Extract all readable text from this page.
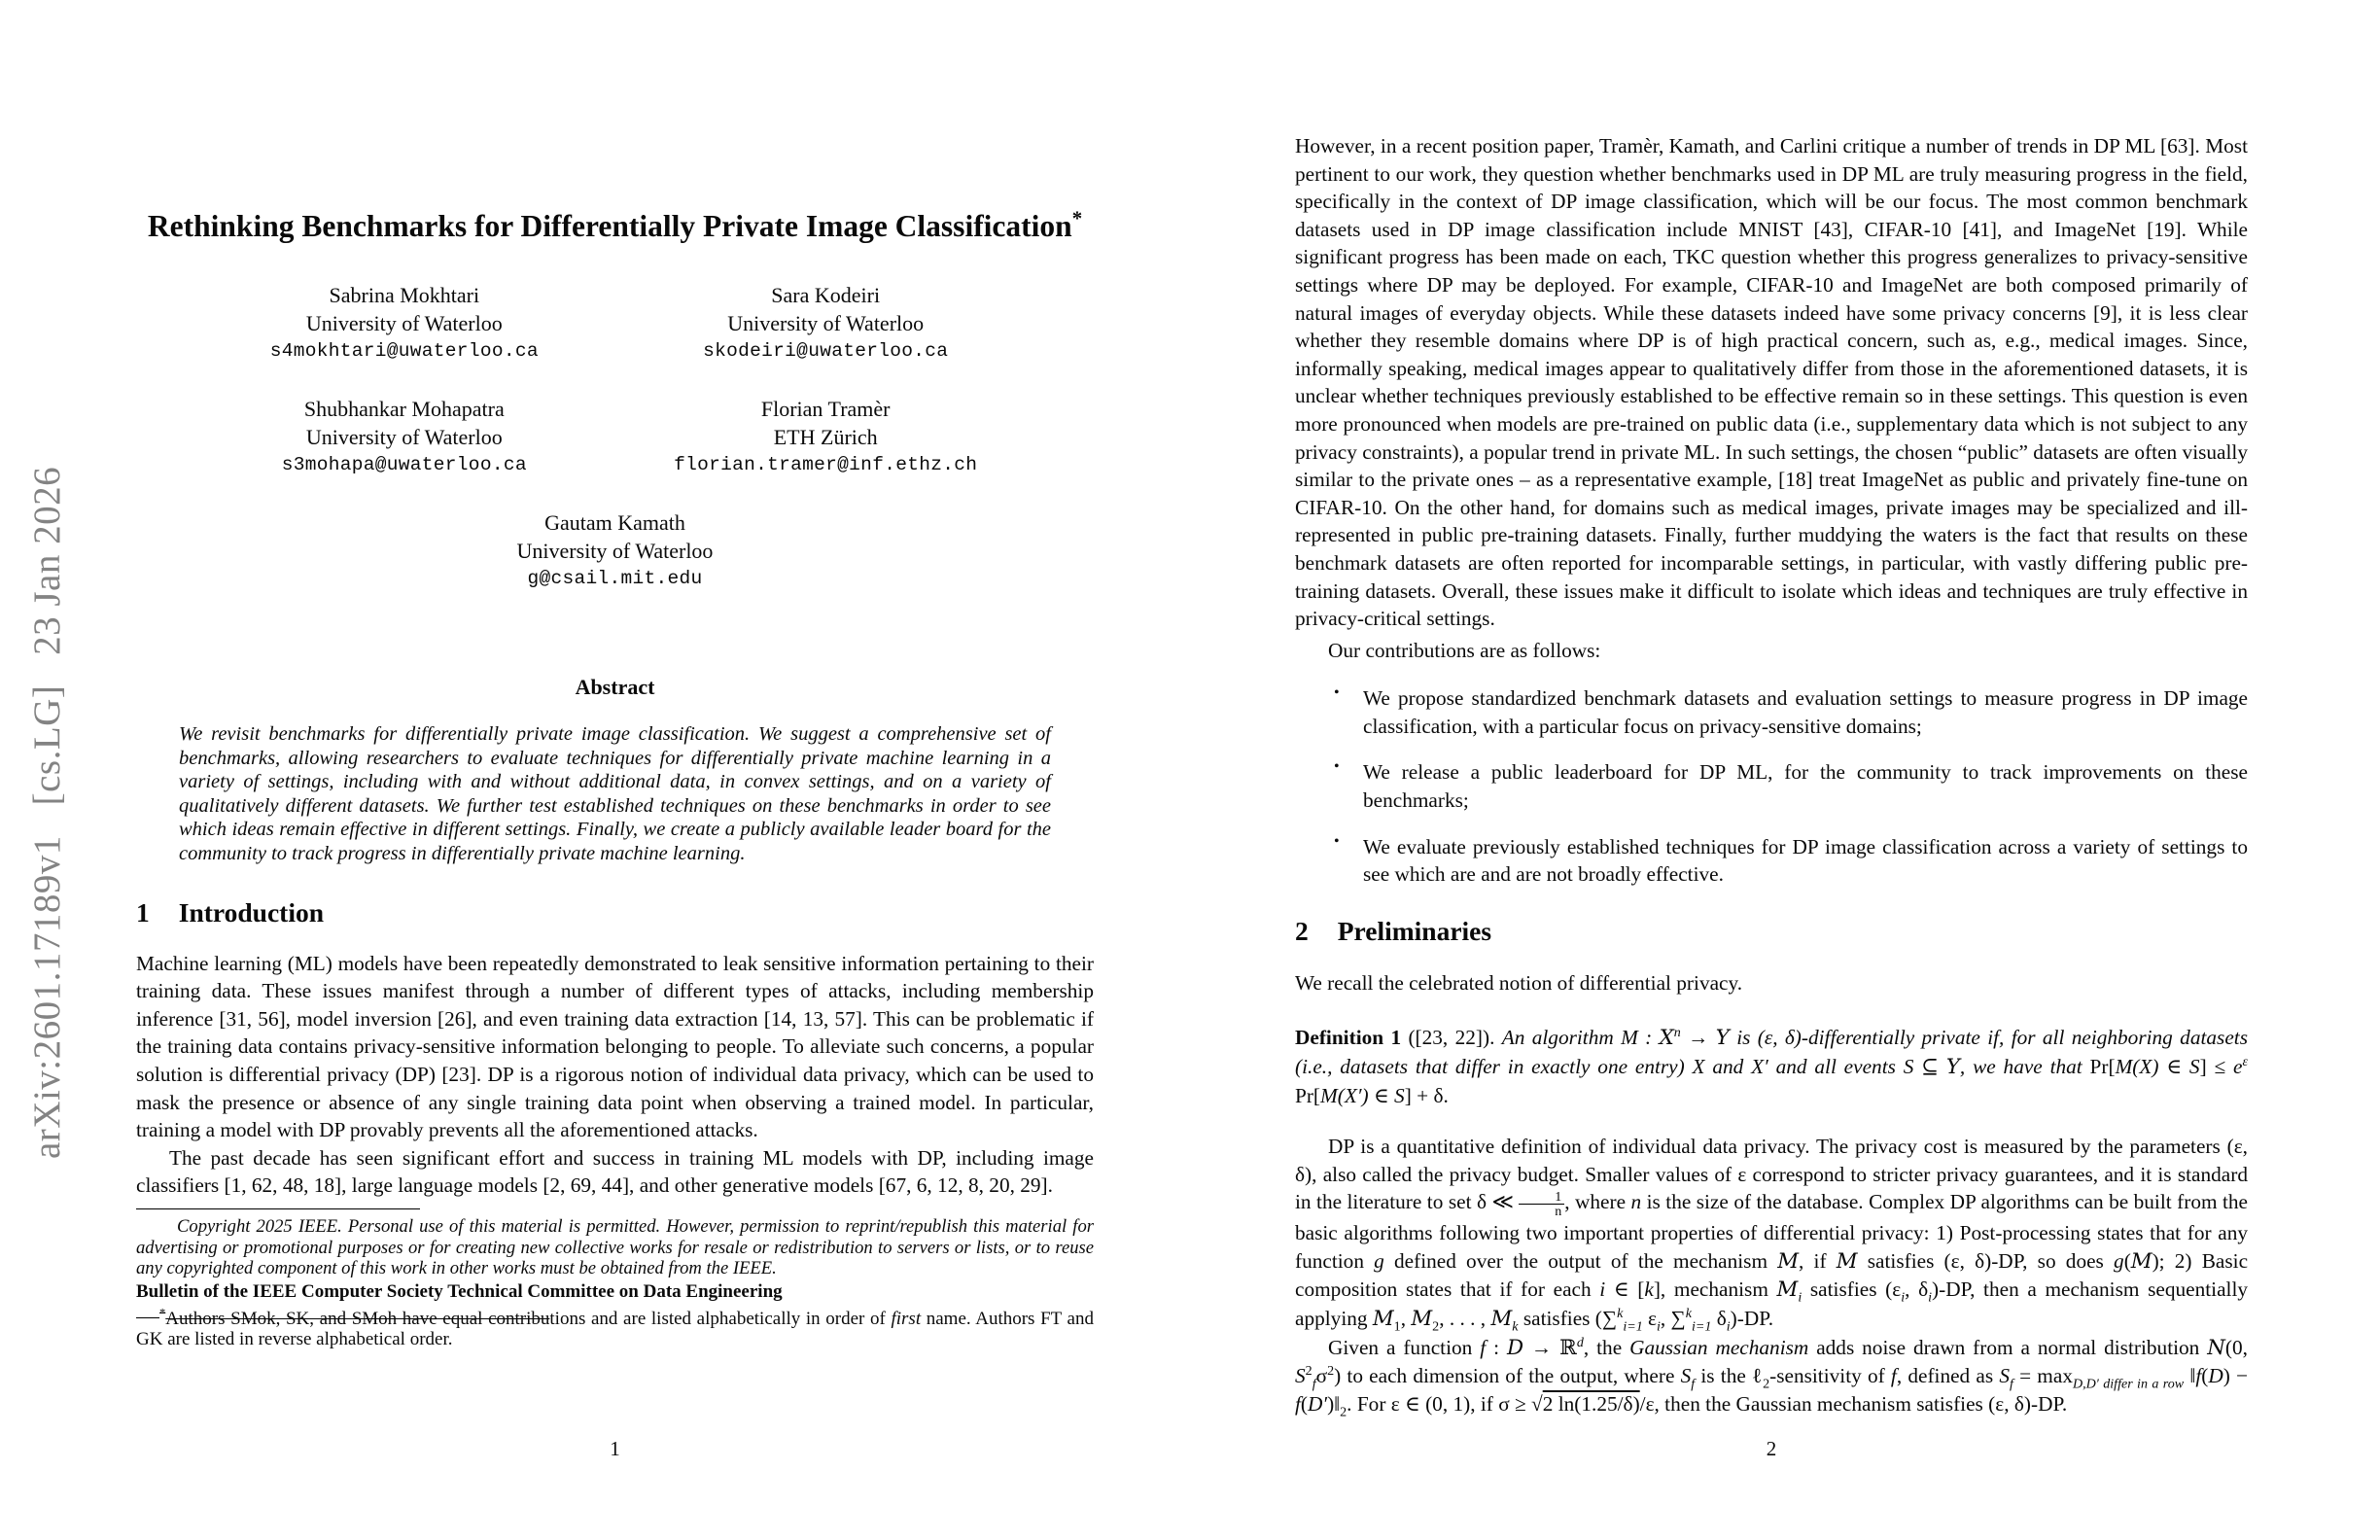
arXiv:2601.17189v1   [cs.LG]   23 Jan 2026
Rethinking Benchmarks for Differentially Private Image Classification*
Sabrina Mokhtari
University of Waterloo
s4mokhtari@uwaterloo.ca
Sara Kodeiri
University of Waterloo
skodeiri@uwaterloo.ca
Shubhankar Mohapatra
University of Waterloo
s3mohapa@uwaterloo.ca
Florian Tramèr
ETH Zürich
florian.tramer@inf.ethz.ch
Gautam Kamath
University of Waterloo
g@csail.mit.edu
Abstract
We revisit benchmarks for differentially private image classification. We suggest a comprehensive set of benchmarks, allowing researchers to evaluate techniques for differentially private machine learning in a variety of settings, including with and without additional data, in convex settings, and on a variety of qualitatively different datasets. We further test established techniques on these benchmarks in order to see which ideas remain effective in different settings. Finally, we create a publicly available leader board for the community to track progress in differentially private machine learning.
1 Introduction

Machine learning (ML) models have been repeatedly demonstrated to leak sensitive information pertaining to their training data. These issues manifest through a number of different types of attacks, including membership inference [31, 56], model inversion [26], and even training data extraction [14, 13, 57]. This can be problematic if the training data contains privacy-sensitive information belonging to people. To alleviate such concerns, a popular solution is differential privacy (DP) [23]. DP is a rigorous notion of individual data privacy, which can be used to mask the presence or absence of any single training data point when observing a trained model. In particular, training a model with DP provably prevents all the aforementioned attacks.

The past decade has seen significant effort and success in training ML models with DP, including image classifiers [1, 62, 48, 18], large language models [2, 69, 44], and other generative models [67, 6, 12, 8, 20, 29].

Copyright 2025 IEEE. Personal use of this material is permitted. However, permission to reprint/republish this material for advertising or promotional purposes or for creating new collective works for resale or redistribution to servers or lists, or to reuse any copyrighted component of this work in other works must be obtained from the IEEE.
Bulletin of the IEEE Computer Society Technical Committee on Data Engineering
*Authors SMok, SK, and SMoh have equal contributions and are listed alphabetically in order of first name. Authors FT and GK are listed in reverse alphabetical order.
1

However, in a recent position paper, Tramèr, Kamath, and Carlini critique a number of trends in DP ML [63]. Most pertinent to our work, they question whether benchmarks used in DP ML are truly measuring progress in the field, specifically in the context of DP image classification, which will be our focus. The most common benchmark datasets used in DP image classification include MNIST [43], CIFAR-10 [41], and ImageNet [19]. While significant progress has been made on each, TKC question whether this progress generalizes to privacy-sensitive settings where DP may be deployed. For example, CIFAR-10 and ImageNet are both composed primarily of natural images of everyday objects. While these datasets indeed have some privacy concerns [9], it is less clear whether they resemble domains where DP is of high practical concern, such as, e.g., medical images. Since, informally speaking, medical images appear to qualitatively differ from those in the aforementioned datasets, it is unclear whether techniques previously established to be effective remain so in these settings. This question is even more pronounced when models are pre-trained on public data (i.e., supplementary data which is not subject to any privacy constraints), a popular trend in private ML. In such settings, the chosen “public” datasets are often visually similar to the private ones – as a representative example, [18] treat ImageNet as public and privately fine-tune on CIFAR-10. On the other hand, for domains such as medical images, private images may be specialized and ill-represented in public pre-training datasets. Finally, further muddying the waters is the fact that results on these benchmark datasets are often reported for incomparable settings, in particular, with vastly differing public pre-training datasets. Overall, these issues make it difficult to isolate which ideas and techniques are truly effective in privacy-critical settings.

Our contributions are as follows:

• We propose standardized benchmark datasets and evaluation settings to measure progress in DP image classification, with a particular focus on privacy-sensitive domains;
• We release a public leaderboard for DP ML, for the community to track improvements on these benchmarks;
• We evaluate previously established techniques for DP image classification across a variety of settings to see which are and are not broadly effective.
2 Preliminaries

We recall the celebrated notion of differential privacy.

Definition 1 ([23, 22]). An algorithm M : $X^n \to Y$ is (ε, δ)-differentially private if, for all neighboring datasets (i.e., datasets that differ in exactly one entry) X and X′ and all events S ⊆ Y, we have that Pr[M(X) ∈ $S] \le e^\varepsilon$ Pr[M(X′) ∈ S] + δ.

DP is a quantitative definition of individual data privacy. The privacy cost is measured by the parameters (ε, δ), also called the privacy budget. Smaller values of ε correspond to stricter privacy guarantees, and it is standard in the literature to set δ ≪ $\frac{1}{n}$ , where n is the size of the database. Complex DP algorithms can be built from the basic algorithms following two important properties of differential privacy: 1) Post-processing states that for any function g defined over the output of the mechanism M, if M satisfies (ε, δ)-DP, so does g(M); 2) Basic composition states that if for each i ∈ [k], mechanism $M_i$ satisfies ($\varepsilon_i$, $\delta_i)-DP$, then a mechanism sequentially applying $M_1$, $M_2$, . . . , $M_k$ satisfies (∑$^k_{i=1}$ $\varepsilon_i$, ∑$^k_{i=1}$ $\delta_i)-DP$.

Given a function f : D → ℝ$^d$, the Gaussian mechanism adds noise drawn from a normal distribution N(0, $S^2_f\sigma^2$) to each dimension of the output, where $S_f$ is the ℓ$_2$-sensitivity of f, defined as $S_f = \max_{D,D' differ in a row}$ ‖f(D) − $f(D')‖_2$. For ε ∈ (0, 1), if σ ≥ √2 ln(1.25/δ)/ε, then the Gaussian mechanism satisfies (ε, δ)-DP.

2
